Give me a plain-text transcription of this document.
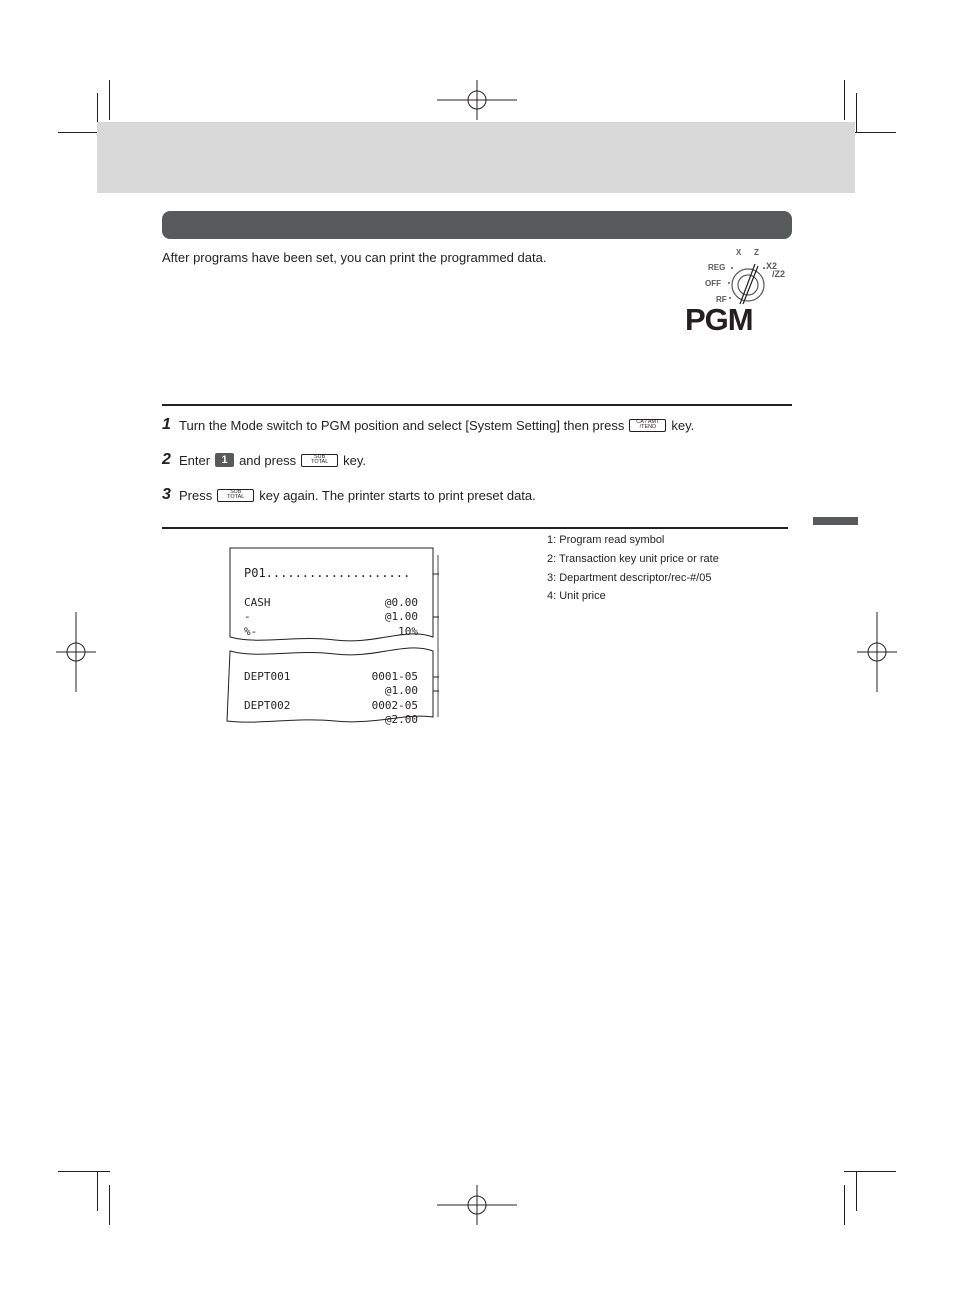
After programs have been set, you can print the programmed data.	X Z
REG	X2
/Z2
OFF
RF
PGM
1 Turn the Mode switch to PGM position and select [System Setting] then press CA / AMT
/TEND key.
2 Enter	1 and press	SUB
TOTAL key.
3 Press	SUB
TOTAL key again. The printer starts to print preset data.
P01....................
CASH	@0.00
-	@1.00
%-	10%
DEPT001	0001-05
@1.00
DEPT002	0002-05
@2.00
1: Program read symbol
2: Transaction key unit price or rate
3: Department descriptor/rec-#/05
4: Unit price
